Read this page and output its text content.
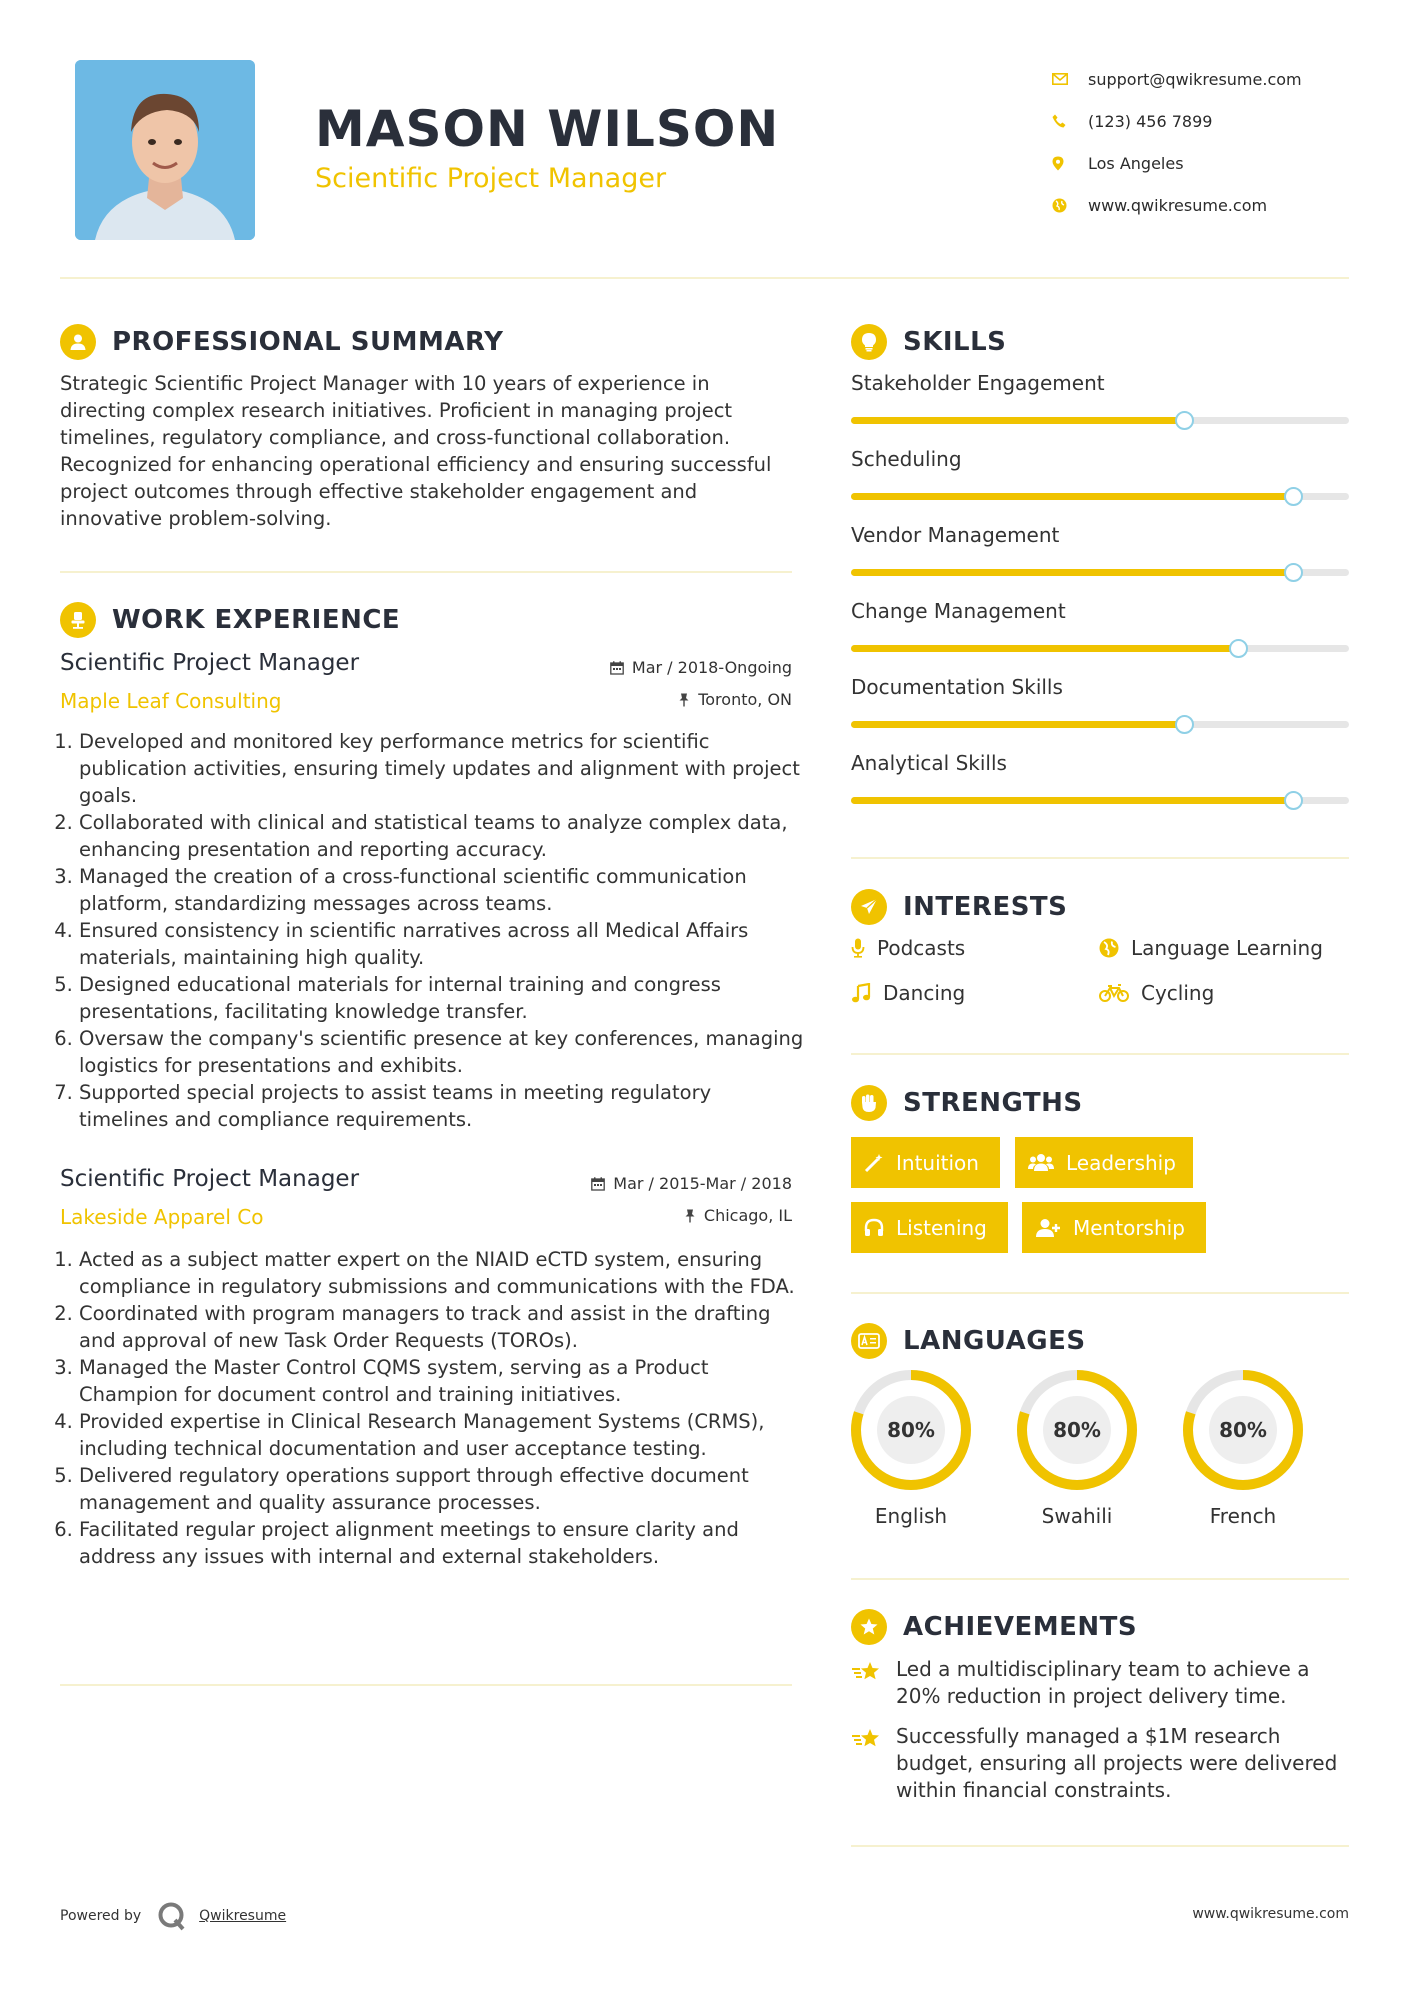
MASON WILSON
Scientific Project Manager
support@qwikresume.com
(123) 456 7899
Los Angeles
www.qwikresume.com
PROFESSIONAL SUMMARY
Strategic Scientific Project Manager with 10 years of experience in directing complex research initiatives. Proficient in managing project timelines, regulatory compliance, and cross-functional collaboration. Recognized for enhancing operational efficiency and ensuring successful project outcomes through effective stakeholder engagement and innovative problem-solving.
WORK EXPERIENCE
Scientific Project Manager	Mar / 2018-Ongoing
Maple Leaf Consulting	Toronto, ON
1. Developed and monitored key performance metrics for scientific publication activities, ensuring timely updates and alignment with project goals.
2. Collaborated with clinical and statistical teams to analyze complex data, enhancing presentation and reporting accuracy.
3. Managed the creation of a cross-functional scientific communication platform, standardizing messages across teams.
4. Ensured consistency in scientific narratives across all Medical Affairs materials, maintaining high quality.
5. Designed educational materials for internal training and congress presentations, facilitating knowledge transfer.
6. Oversaw the company's scientific presence at key conferences, managing logistics for presentations and exhibits.
7. Supported special projects to assist teams in meeting regulatory timelines and compliance requirements.
Scientific Project Manager	Mar / 2015-Mar / 2018
Lakeside Apparel Co	Chicago, IL
1. Acted as a subject matter expert on the NIAID eCTD system, ensuring compliance in regulatory submissions and communications with the FDA.
2. Coordinated with program managers to track and assist in the drafting and approval of new Task Order Requests (TOROs).
3. Managed the Master Control CQMS system, serving as a Product Champion for document control and training initiatives.
4. Provided expertise in Clinical Research Management Systems (CRMS), including technical documentation and user acceptance testing.
5. Delivered regulatory operations support through effective document management and quality assurance processes.
6. Facilitated regular project alignment meetings to ensure clarity and address any issues with internal and external stakeholders.
SKILLS
Stakeholder Engagement
Scheduling
Vendor Management
Change Management
Documentation Skills
Analytical Skills
INTERESTS
Podcasts	Language Learning
Dancing	Cycling
STRENGTHS
Intuition	Leadership
Listening	Mentorship
LANGUAGES
80%
English
80%
Swahili
80%
French
ACHIEVEMENTS
Led a multidisciplinary team to achieve a 20% reduction in project delivery time.
Successfully managed a $1M research budget, ensuring all projects were delivered within financial constraints.
Powered by	Qwikresume	www.qwikresume.com
